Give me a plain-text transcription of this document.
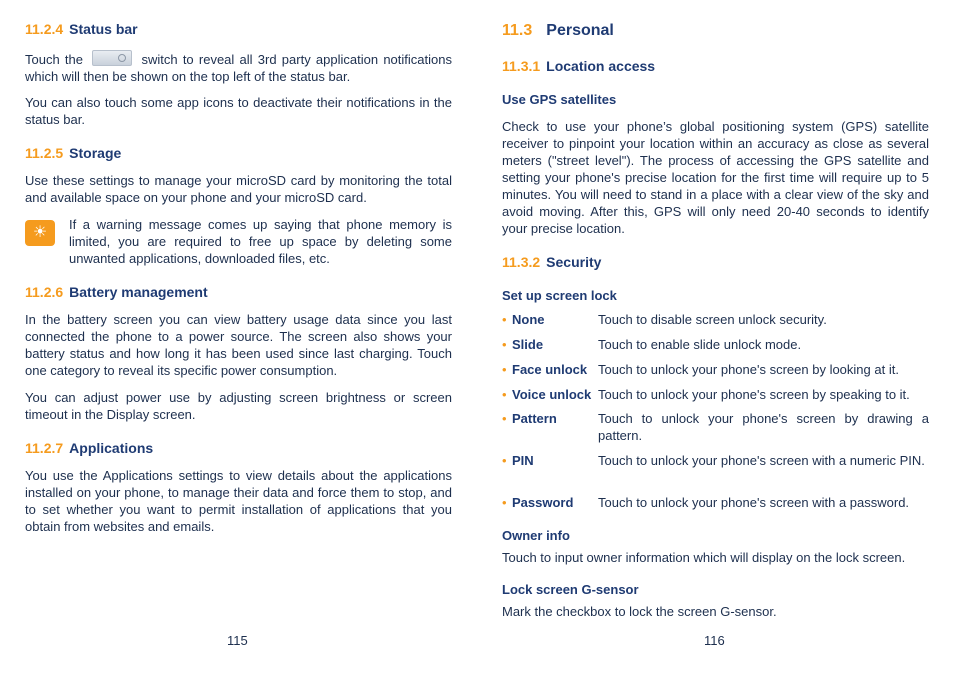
11.2.4 Status bar
Touch the	switch to reveal all 3rd party application notifications which will then be shown on the top left of the status bar.
You can also touch some app icons to deactivate their notifications in the status bar.
11.2.5 Storage
Use these settings to manage your microSD card by monitoring the total and available space on your phone and your microSD card.
☀	If a warning message comes up saying that phone memory is limited, you are required to free up space by deleting some unwanted applications, downloaded files, etc.
11.2.6 Battery management
In the battery screen you can view battery usage data since you last connected the phone to a power source. The screen also shows your battery status and how long it has been used since last charging. Touch one category to reveal its specific power consumption.
You can adjust power use by adjusting screen brightness or screen timeout in the Display screen.
11.2.7 Applications
You use the Applications settings to view details about the applications installed on your phone, to manage their data and force them to stop, and to set whether you want to permit installation of applications that you obtain from websites and emails.
115
11.3 Personal
11.3.1 Location access
Use GPS satellites
Check to use your phone’s global positioning system (GPS) satellite receiver to pinpoint your location within an accuracy as close as several meters ("street level"). The process of accessing the GPS satellite and setting your phone's precise location for the first time will require up to 5 minutes. You will need to stand in a place with a clear view of the sky and avoid moving. After this, GPS will only need 20-40 seconds to identify your precise location.
11.3.2 Security
Set up screen lock
• None	Touch to disable screen unlock security.
• Slide	Touch to enable slide unlock mode.
• Face unlock Touch to unlock your phone's screen by looking at it.
• Voice unlock Touch to unlock your phone's screen by speaking to it.
• Pattern	Touch to unlock your phone's screen by drawing a pattern.
• PIN	Touch to unlock your phone's screen with a numeric PIN.
• Password Touch to unlock your phone's screen with a password.
Owner info
Touch to input owner information which will display on the lock screen.
Lock screen G-sensor
Mark the checkbox to lock the screen G-sensor.
116
